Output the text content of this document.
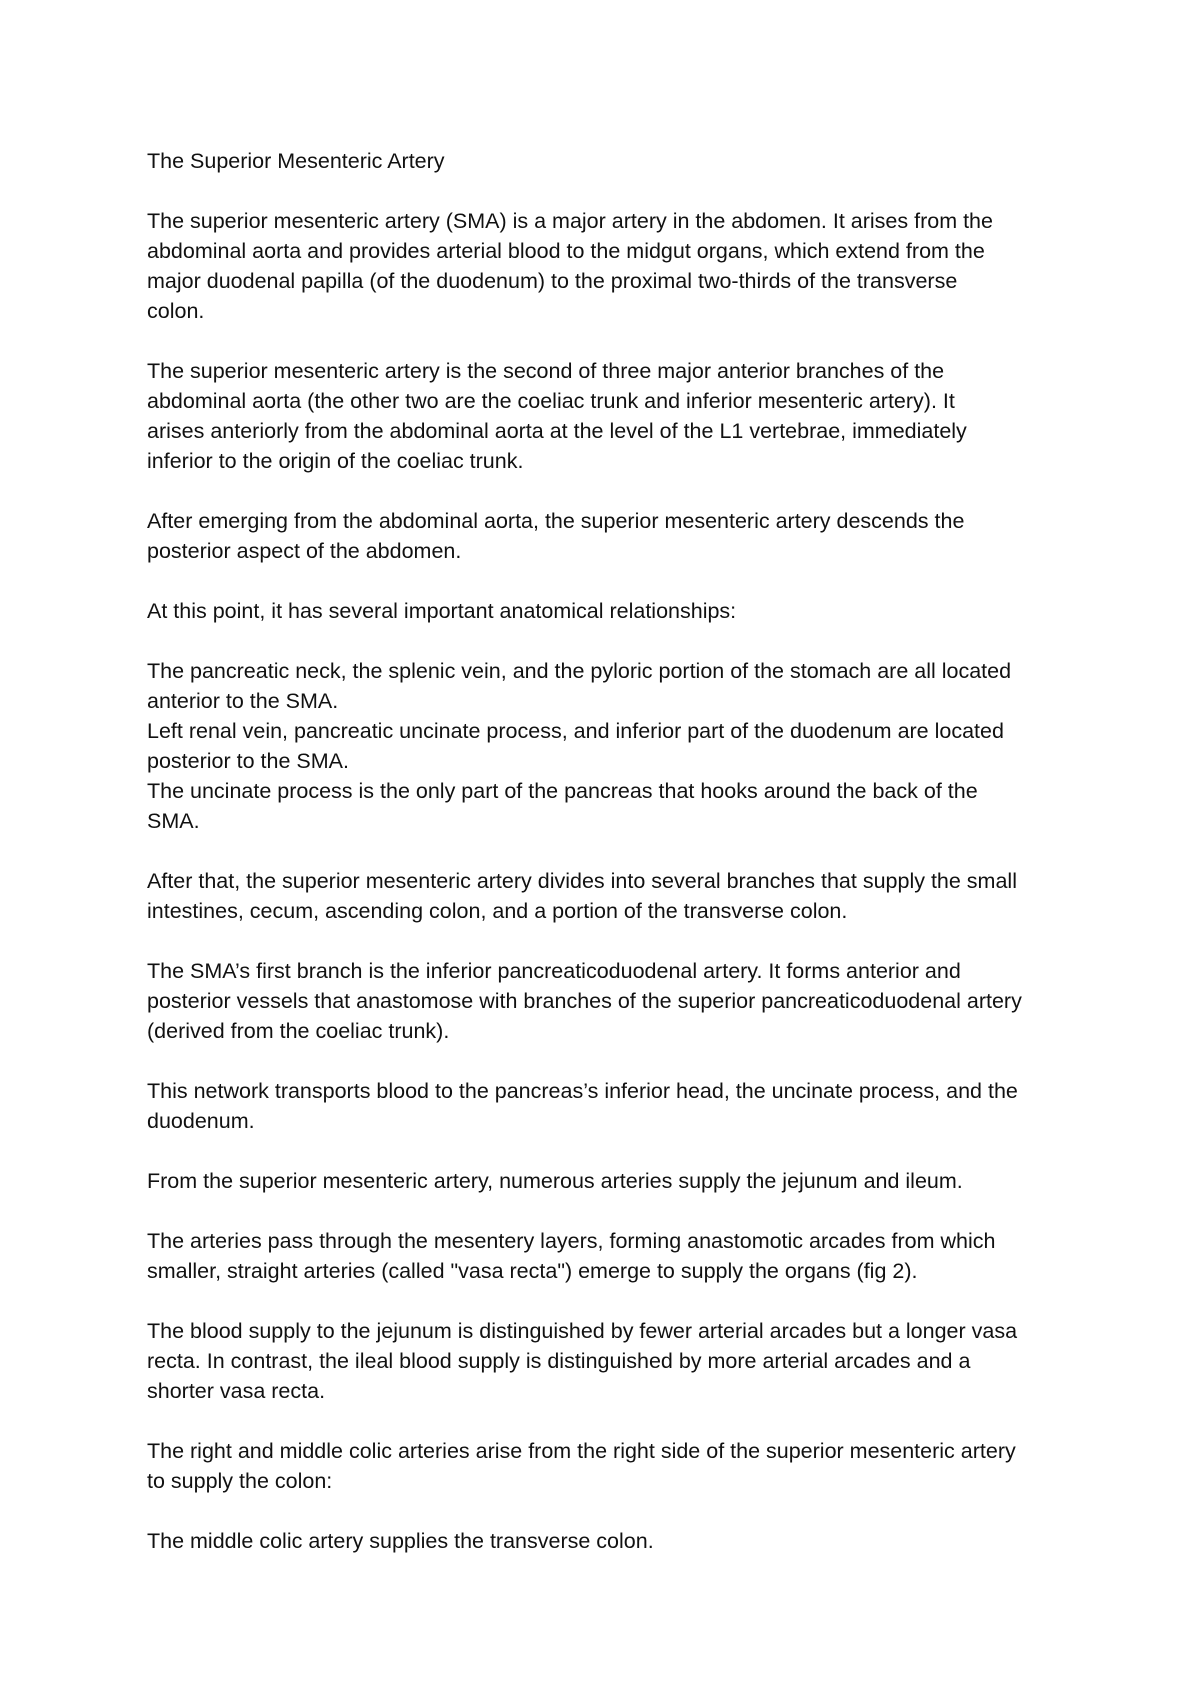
The Superior Mesenteric Artery
The superior mesenteric artery (SMA) is a major artery in the abdomen. It arises from the
abdominal aorta and provides arterial blood to the midgut organs, which extend from the
major duodenal papilla (of the duodenum) to the proximal two-thirds of the transverse
colon.
The superior mesenteric artery is the second of three major anterior branches of the
abdominal aorta (the other two are the coeliac trunk and inferior mesenteric artery). It
arises anteriorly from the abdominal aorta at the level of the L1 vertebrae, immediately
inferior to the origin of the coeliac trunk.
After emerging from the abdominal aorta, the superior mesenteric artery descends the
posterior aspect of the abdomen.
At this point, it has several important anatomical relationships:
The pancreatic neck, the splenic vein, and the pyloric portion of the stomach are all located
anterior to the SMA.
Left renal vein, pancreatic uncinate process, and inferior part of the duodenum are located
posterior to the SMA.
The uncinate process is the only part of the pancreas that hooks around the back of the
SMA.
After that, the superior mesenteric artery divides into several branches that supply the small
intestines, cecum, ascending colon, and a portion of the transverse colon.
The SMA’s first branch is the inferior pancreaticoduodenal artery. It forms anterior and
posterior vessels that anastomose with branches of the superior pancreaticoduodenal artery
(derived from the coeliac trunk).
This network transports blood to the pancreas’s inferior head, the uncinate process, and the
duodenum.
From the superior mesenteric artery, numerous arteries supply the jejunum and ileum.
The arteries pass through the mesentery layers, forming anastomotic arcades from which
smaller, straight arteries (called "vasa recta") emerge to supply the organs (fig 2).
The blood supply to the jejunum is distinguished by fewer arterial arcades but a longer vasa
recta. In contrast, the ileal blood supply is distinguished by more arterial arcades and a
shorter vasa recta.
The right and middle colic arteries arise from the right side of the superior mesenteric artery
to supply the colon:
The middle colic artery supplies the transverse colon.
